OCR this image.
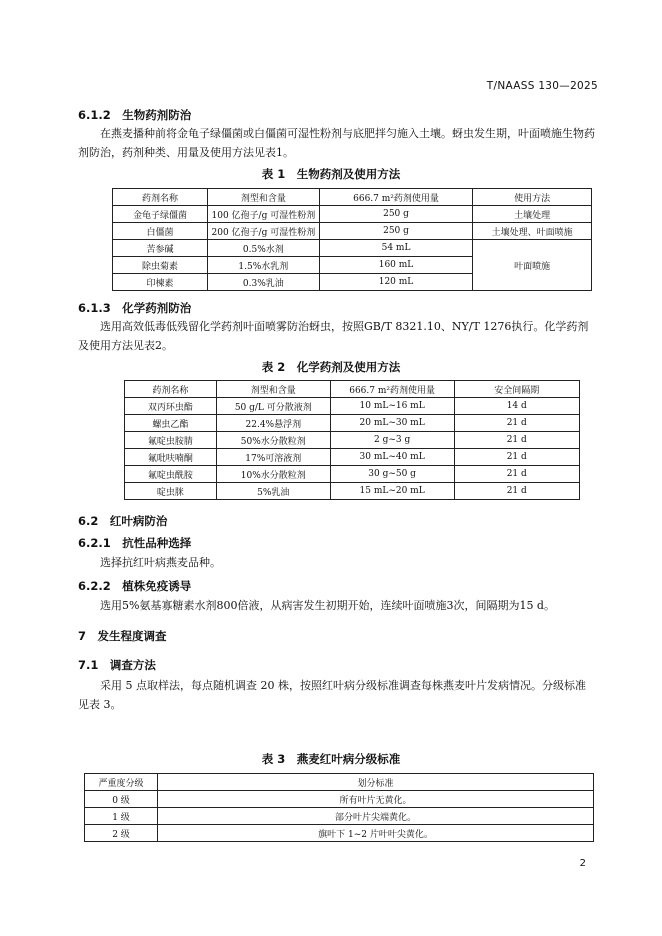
T/NAASS 130—2025
6.1.2　生物药剂防治
在燕麦播种前将金龟子绿僵菌或白僵菌可湿性粉剂与底肥拌匀施入土壤。蚜虫发生期，叶面喷施生物药剂防治，药剂种类、用量及使用方法见表1。
表 1　生物药剂及使用方法
药剂名称	剂型和含量	666.7 m²药剂使用量	使用方法
金龟子绿僵菌	100 亿孢子/g 可湿性粉剂	250 g	土壤处理
白僵菌	200 亿孢子/g 可湿性粉剂	250 g	土壤处理、叶面喷施
苦参碱	0.5%水剂	54 mL	叶面喷施
除虫菊素	1.5%水乳剂	160 mL	
印楝素	0.3%乳油	120 mL	
6.1.3　化学药剂防治
选用高效低毒低残留化学药剂叶面喷雾防治蚜虫，按照GB/T 8321.10、NY/T 1276执行。化学药剂及使用方法见表2。
表 2　化学药剂及使用方法
药剂名称	剂型和含量	666.7 m²药剂使用量	安全间隔期
双丙环虫酯	50 g/L 可分散液剂	10 mL~16 mL	14 d
螺虫乙酯	22.4%悬浮剂	20 mL~30 mL	21 d
氟啶虫胺腈	50%水分散粒剂	2 g~3 g	21 d
氟吡呋喃酮	17%可溶液剂	30 mL~40 mL	21 d
氟啶虫酰胺	10%水分散粒剂	30 g~50 g	21 d
啶虫脒	5%乳油	15 mL~20 mL	21 d
6.2　红叶病防治
6.2.1　抗性品种选择
选择抗红叶病燕麦品种。
6.2.2　植株免疫诱导
选用5%氨基寡糖素水剂800倍液，从病害发生初期开始，连续叶面喷施3次，间隔期为15 d。
7　发生程度调查
7.1　调查方法
采用 5 点取样法，每点随机调查 20 株，按照红叶病分级标准调查每株燕麦叶片发病情况。分级标准见表 3。
表 3　燕麦红叶病分级标准
严重度分级	划分标准
0 级	所有叶片无黄化。
1 级	部分叶片尖端黄化。
2 级	旗叶下 1~2 片叶叶尖黄化。
2
